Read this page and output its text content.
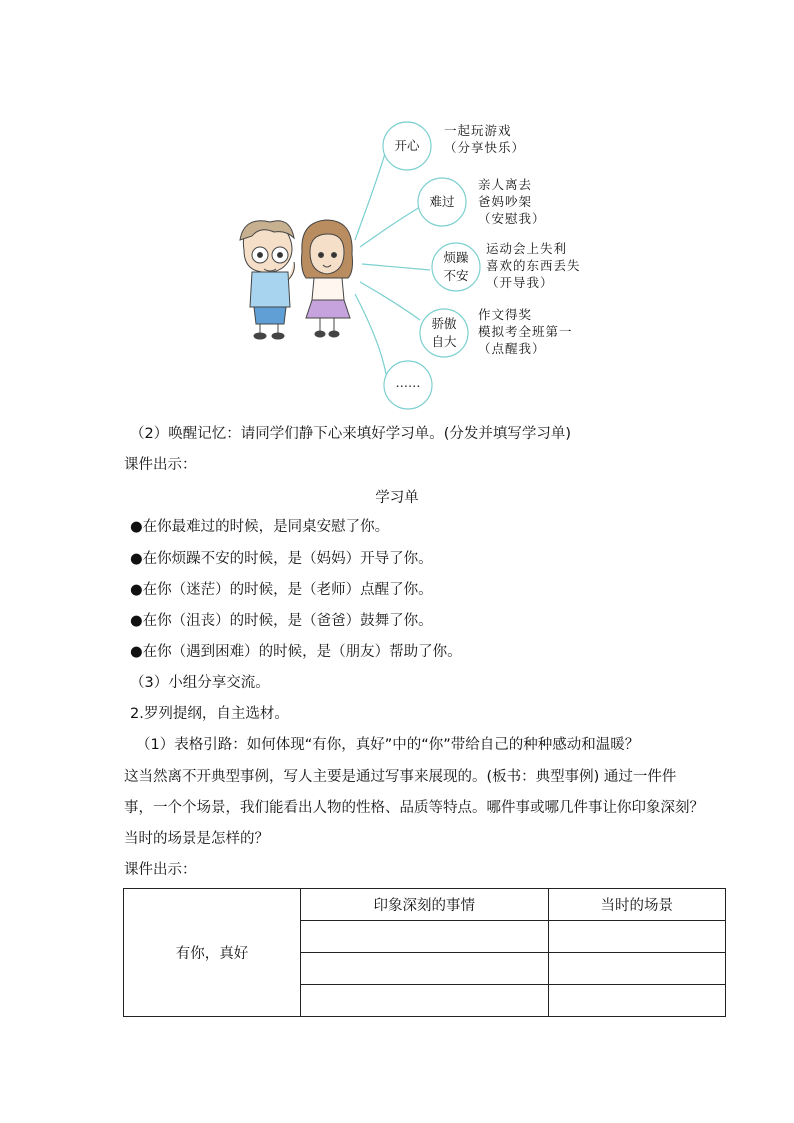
开心
难过
烦躁
不安
骄傲
自大
……
一起玩游戏
（分享快乐）
亲人离去
爸妈吵架
（安慰我）
运动会上失利
喜欢的东西丢失
（开导我）
作文得奖
模拟考全班第一
（点醒我）
（2）唤醒记忆：请同学们静下心来填好学习单。(分发并填写学习单)
课件出示：
学习单
●在你最难过的时候，是同桌安慰了你。
●在你烦躁不安的时候，是（妈妈）开导了你。
●在你（迷茫）的时候，是（老师）点醒了你。
●在你（沮丧）的时候，是（爸爸）鼓舞了你。
●在你（遇到困难）的时候，是（朋友）帮助了你。
（3）小组分享交流。
2.罗列提纲，自主选材。
（1）表格引路：如何体现“有你，真好”中的“你”带给自己的种种感动和温暖？
这当然离不开典型事例，写人主要是通过写事来展现的。(板书：典型事例) 通过一件件
事，一个个场景，我们能看出人物的性格、品质等特点。哪件事或哪几件事让你印象深刻？
当时的场景是怎样的？
课件出示：
有你，真好	印象深刻的事情	当时的场景
